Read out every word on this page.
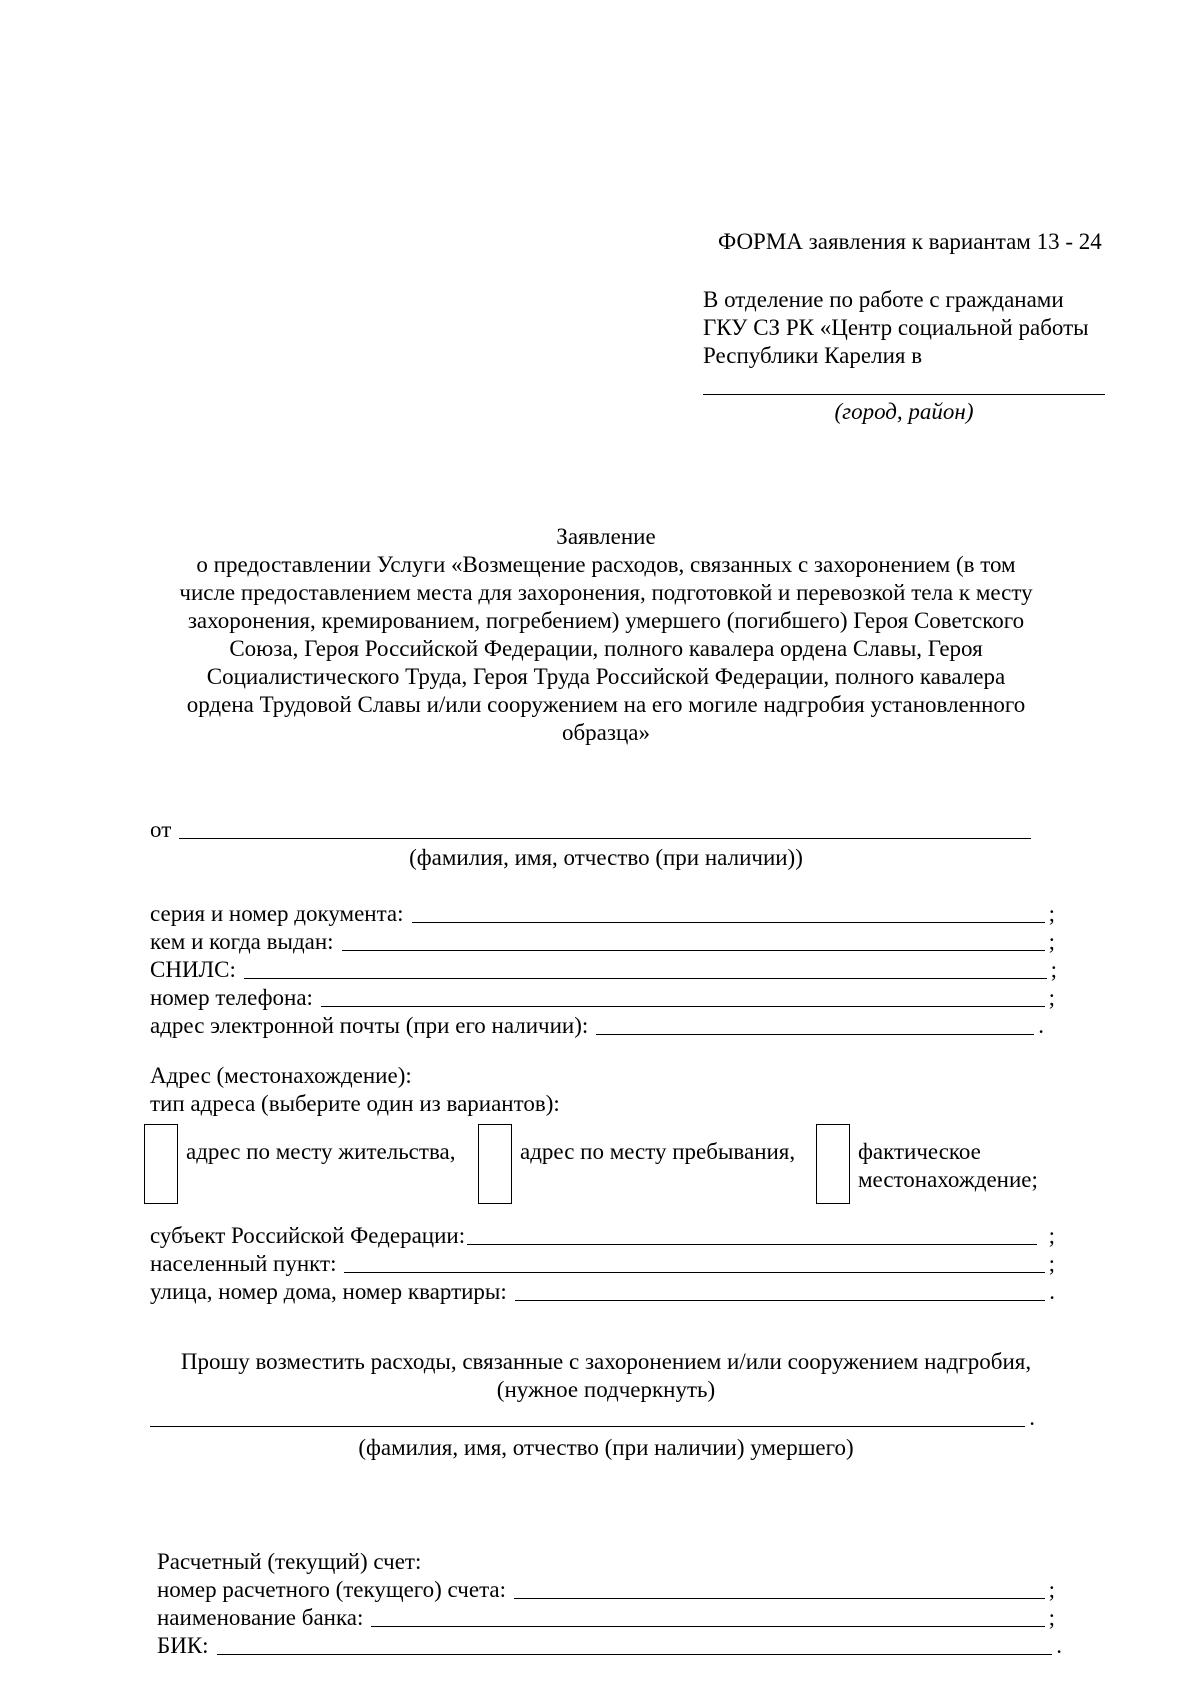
ФОРМА заявления к вариантам 13 - 24
В отделение по работе с гражданами
ГКУ СЗ РК «Центр социальной работы
Республики Карелия в
(город, район)
Заявление
о предоставлении Услуги «Возмещение расходов, связанных с захоронением (в том
числе предоставлением места для захоронения, подготовкой и перевозкой тела к месту
захоронения, кремированием, погребением) умершего (погибшего) Героя Советского
Союза, Героя Российской Федерации, полного кавалера ордена Славы, Героя
Социалистического Труда, Героя Труда Российской Федерации, полного кавалера
ордена Трудовой Славы и/или сооружением на его могиле надгробия установленного
образца»
от
(фамилия, имя, отчество (при наличии))
серия и номер документа:	;
кем и когда выдан:	;
СНИЛС:	;
номер телефона:	;
адрес электронной почты (при его наличии):	.
Адрес (местонахождение):
тип адреса (выберите один из вариантов):
адрес по месту жительства,	адрес по месту пребывания,	фактическое
местонахождение;
субъект Российской Федерации:	;
населенный пункт:	;
улица, номер дома, номер квартиры:	.
Прошу возместить расходы, связанные с захоронением и/или сооружением надгробия,
(нужное подчеркнуть)
.
(фамилия, имя, отчество (при наличии) умершего)
Расчетный (текущий) счет:
номер расчетного (текущего) счета:	;
наименование банка:	;
БИК:	.
